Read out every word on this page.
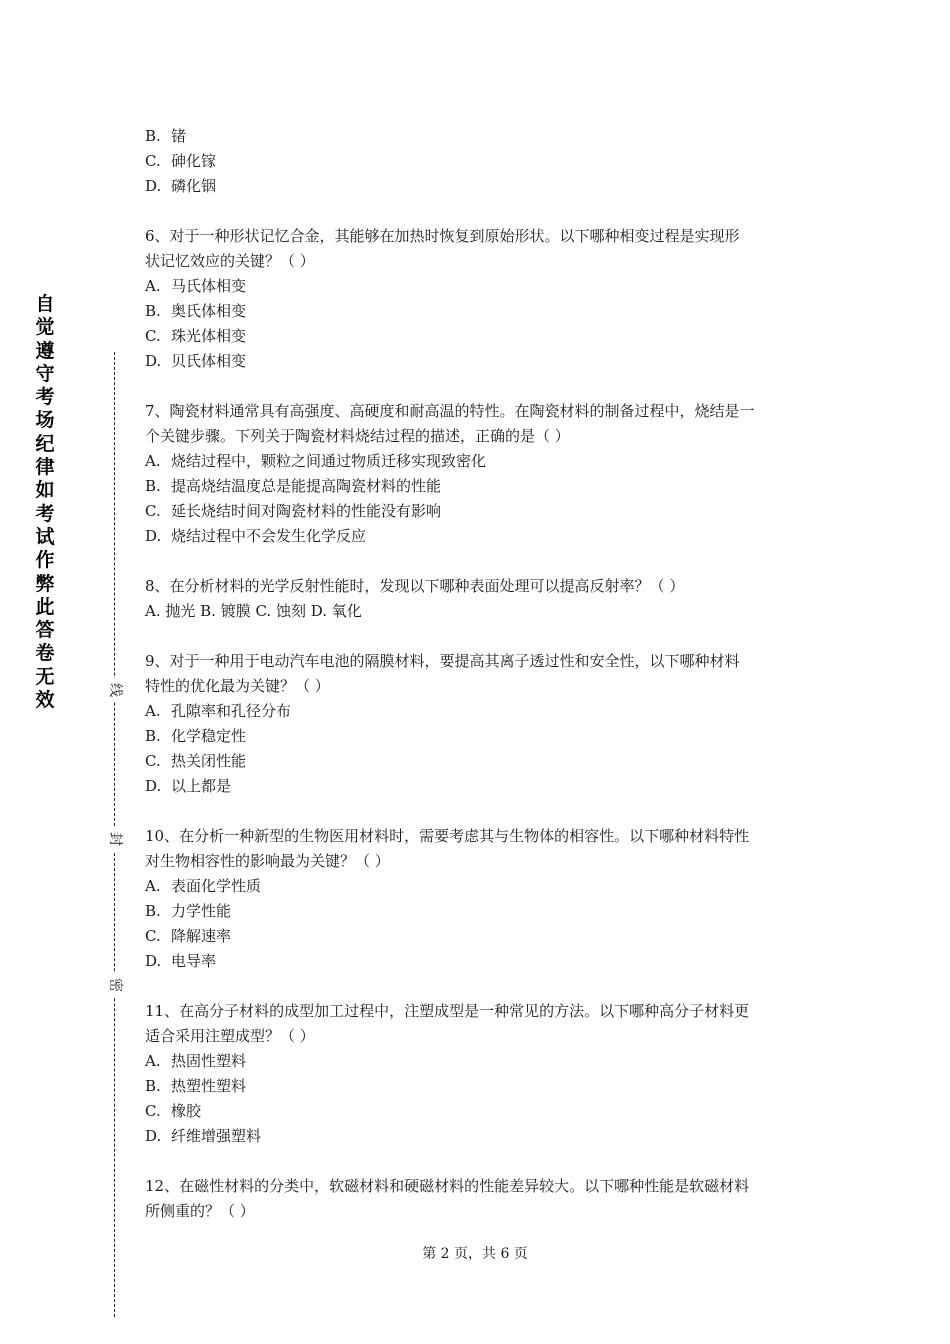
自觉遵守考场纪律如考试作弊此答卷无效	线
封
密
B. 锗
C. 砷化镓
D. 磷化铟
6、对于一种形状记忆合金，其能够在加热时恢复到原始形状。以下哪种相变过程是实现形
状记忆效应的关键？（ ）
A. 马氏体相变
B. 奥氏体相变
C. 珠光体相变
D. 贝氏体相变
7、陶瓷材料通常具有高强度、高硬度和耐高温的特性。在陶瓷材料的制备过程中，烧结是一
个关键步骤。下列关于陶瓷材料烧结过程的描述，正确的是（ ）
A. 烧结过程中，颗粒之间通过物质迁移实现致密化
B. 提高烧结温度总是能提高陶瓷材料的性能
C. 延长烧结时间对陶瓷材料的性能没有影响
D. 烧结过程中不会发生化学反应
8、在分析材料的光学反射性能时，发现以下哪种表面处理可以提高反射率？（ ）
A. 抛光 B. 镀膜 C. 蚀刻 D. 氧化
9、对于一种用于电动汽车电池的隔膜材料，要提高其离子透过性和安全性，以下哪种材料
特性的优化最为关键？（ ）
A. 孔隙率和孔径分布
B. 化学稳定性
C. 热关闭性能
D. 以上都是
10、在分析一种新型的生物医用材料时，需要考虑其与生物体的相容性。以下哪种材料特性
对生物相容性的影响最为关键？（ ）
A. 表面化学性质
B. 力学性能
C. 降解速率
D. 电导率
11、在高分子材料的成型加工过程中，注塑成型是一种常见的方法。以下哪种高分子材料更
适合采用注塑成型？（ ）
A. 热固性塑料
B. 热塑性塑料
C. 橡胶
D. 纤维增强塑料
12、在磁性材料的分类中，软磁材料和硬磁材料的性能差异较大。以下哪种性能是软磁材料
所侧重的？（ ）
第 2 页，共 6 页
